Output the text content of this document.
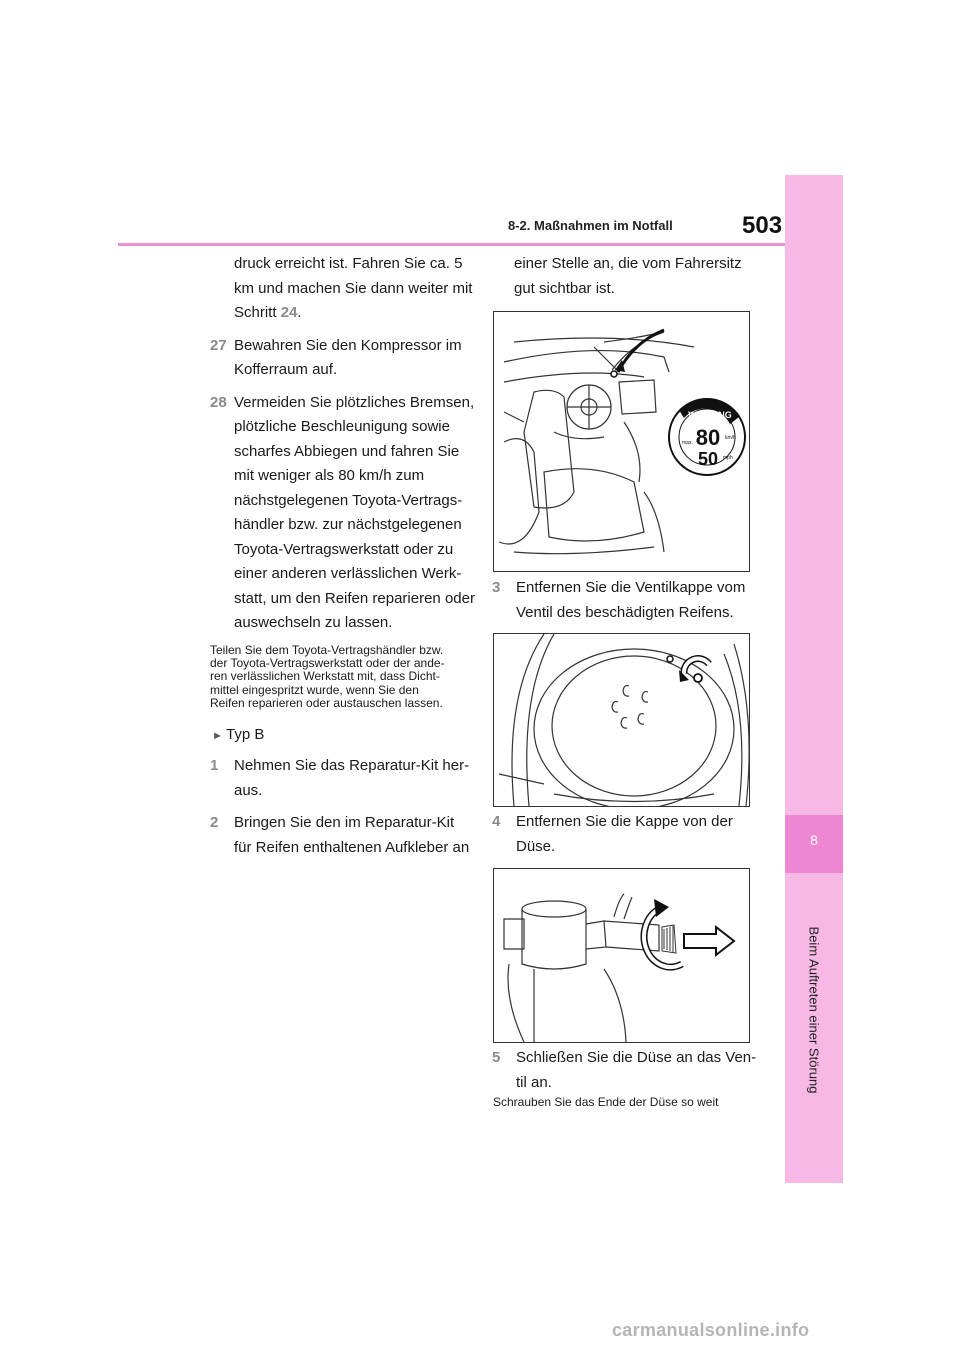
8
Beim Auftreten einer Störung
8-2. Maßnahmen im Notfall	503
druck erreicht ist. Fahren Sie ca. 5
km und machen Sie dann weiter mit
Schritt 24.
27 Bewahren Sie den Kompressor im
Kofferraum auf.
28 Vermeiden Sie plötzliches Bremsen,
plötzliche Beschleunigung sowie
scharfes Abbiegen und fahren Sie
mit weniger als 80 km/h zum
nächstgelegenen Toyota-Vertrags-
händler bzw. zur nächstgelegenen
Toyota-Vertragswerkstatt oder zu
einer anderen verlässlichen Werk-
statt, um den Reifen reparieren oder
auswechseln zu lassen.
Teilen Sie dem Toyota-Vertragshändler bzw.
der Toyota-Vertragswerkstatt oder der ande-
ren verlässlichen Werkstatt mit, dass Dicht-
mittel eingespritzt wurde, wenn Sie den
Reifen reparieren oder austauschen lassen.
► Typ B
1 Nehmen Sie das Reparatur-Kit her-
aus.
2 Bringen Sie den im Reparatur-Kit
für Reifen enthaltenen Aufkleber an
einer Stelle an, die vom Fahrersitz
gut sichtbar ist.
WARNING
80
50
km/h
mph
max.
3 Entfernen Sie die Ventilkappe vom
Ventil des beschädigten Reifens.
4 Entfernen Sie die Kappe von der
Düse.
5 Schließen Sie die Düse an das Ven-
til an.
Schrauben Sie das Ende der Düse so weit
carmanualsonline.info
